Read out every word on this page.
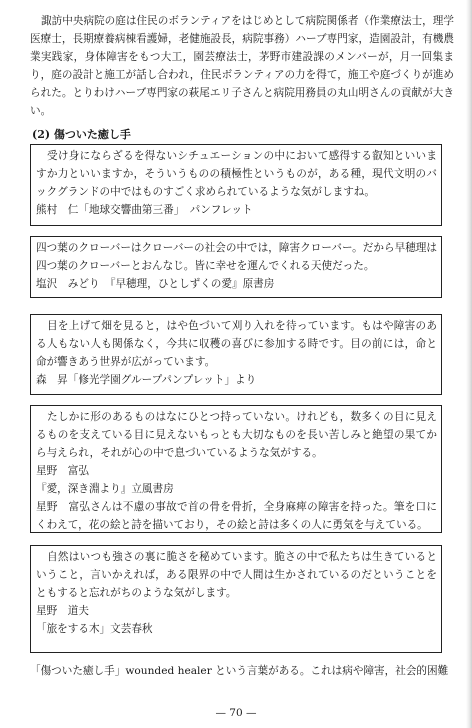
諏訪中央病院の庭は住民のボランティアをはじめとして病院関係者（作業療法士，理学医療士，長期療養病棟看護婦，老健施設長，病院事務）ハーブ専門家，造園設計，有機農業実践家，身体障害をもつ大工，園芸療法士，茅野市建設課のメンバーが，月一回集まり，庭の設計と施工が話し合われ，住民ボランティアの力を得て，施工や庭づくりが進められた。とりわけハーブ専門家の萩尾エリ子さんと病院用務員の丸山明さんの貢献が大きい。

(2) 傷ついた癒し手

受け身にならざるを得ないシチュエーションの中において感得する叡知といいますか力といいますか，そういうものの積極性というものが，ある種，現代文明のバックグランドの中ではものすごく求められているような気がしますね。

熊村　仁「地球交響曲第三番」　パンフレット

四つ葉のクローバーはクローバーの社会の中では，障害クローバー。だから早穂理は四つ葉のクローバーとおんなじ。皆に幸せを運んでくれる天使だった。

塩沢　みどり　『早穂理，ひとしずくの愛』原書房

目を上げて畑を見ると，はや色づいて刈り入れを待っています。もはや障害のある人もない人も関係なく，今共に収穫の喜びに参加する時です。目の前には，命と命が響きあう世界が広がっています。

森　昇「修光学園グループパンプレット」より

たしかに形のあるものはなにひとつ持っていない。けれども，数多くの目に見えるものを支えている目に見えないもっとも大切なものを長い苦しみと絶望の果てから与えられ，それが心の中で息づいているような気がする。

星野　富弘

『愛，深き淵より』立風書房

星野　富弘さんは不慮の事故で首の骨を骨折，全身麻痺の障害を持った。筆を口にくわえて，花の絵と詩を描いており，その絵と詩は多くの人に勇気を与えている。

自然はいつも強さの裏に脆さを秘めています。脆さの中で私たちは生きているということ，言いかえれば，ある限界の中で人間は生かされているのだということをともすると忘れがちのような気がします。

星野　道夫

「旅をする木」文芸春秋

「傷ついた癒し手」wounded healer という言葉がある。これは病や障害，社会的困難

— 70 —
